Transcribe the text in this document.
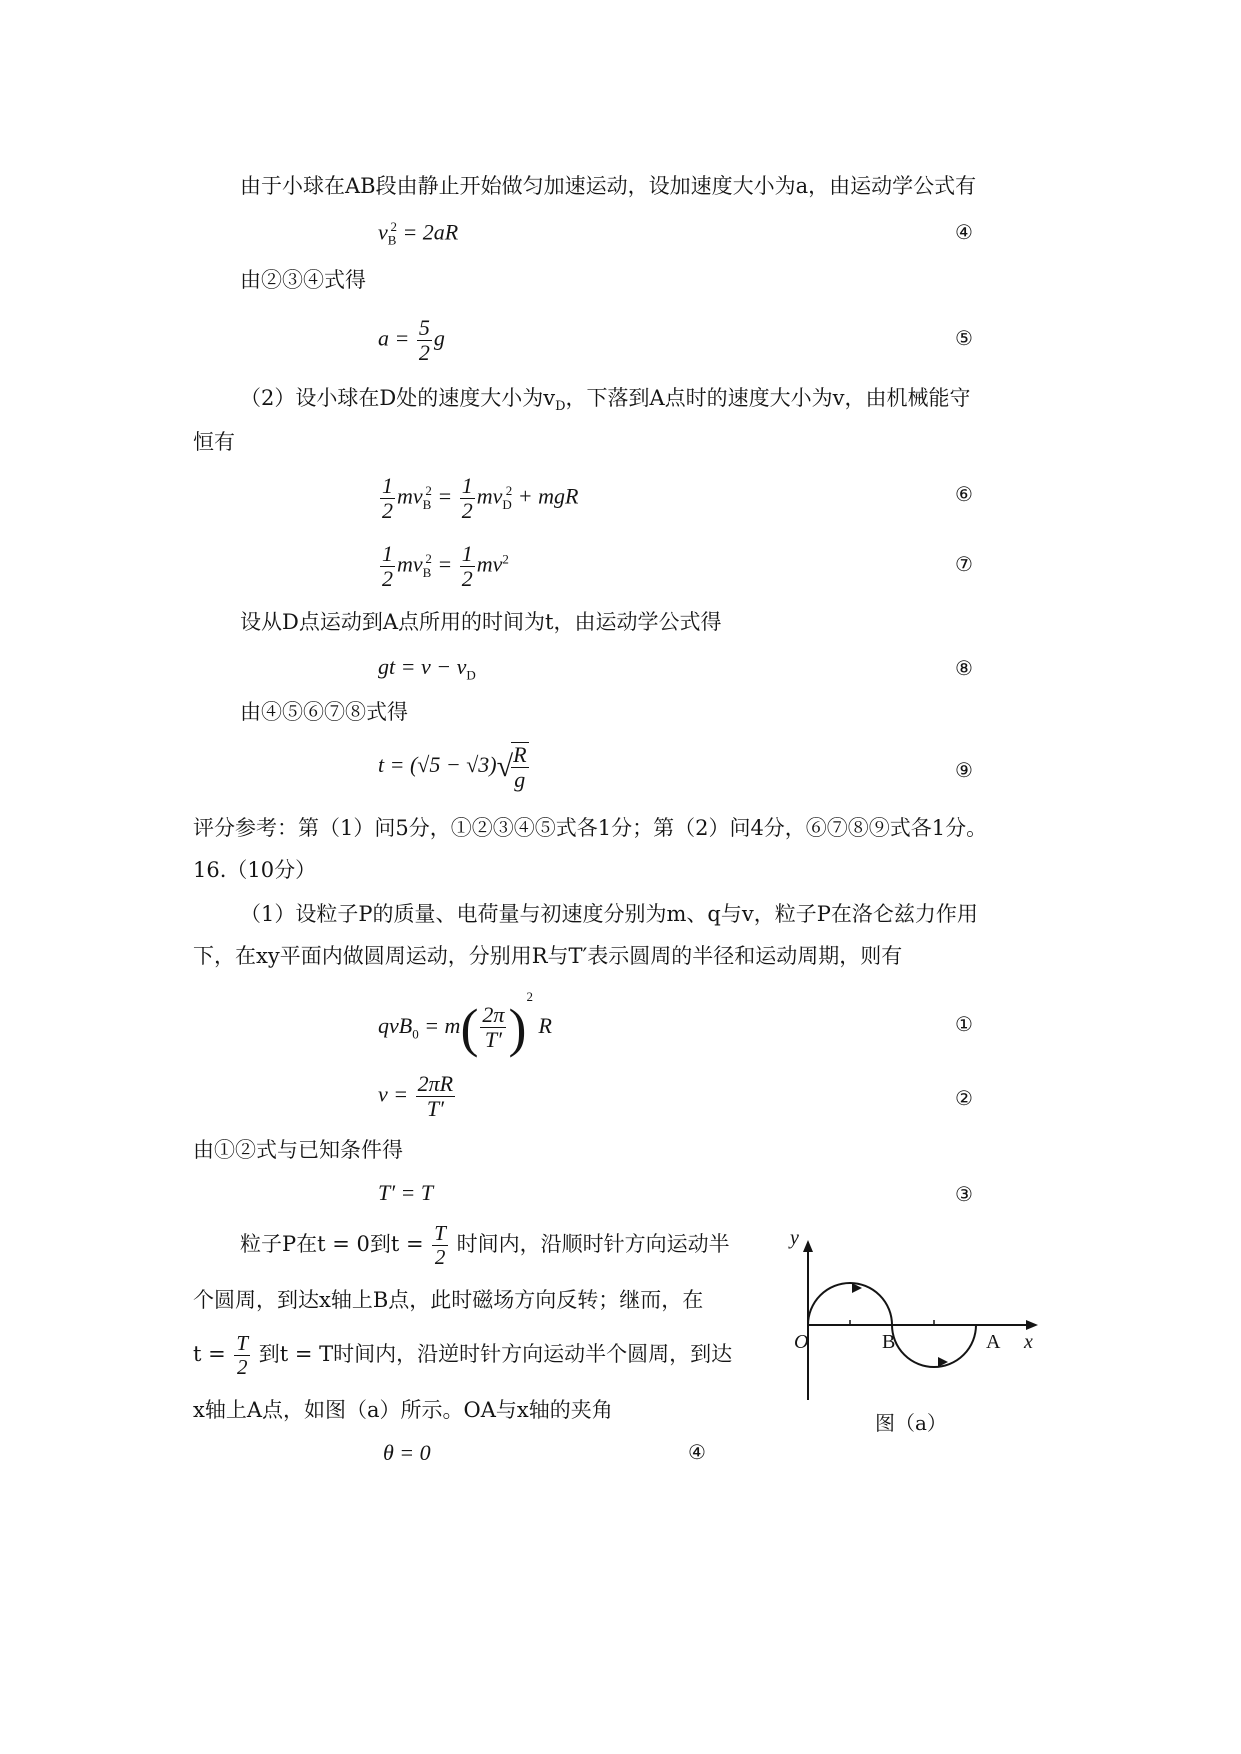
由于小球在AB段由静止开始做匀加速运动，设加速度大小为a，由运动学公式有
$v_B^2 = 2aR$	④
由②③④式得
$a = \frac{5}{2}$ g	⑤
（2）设小球在D处的速度大小为$v_D$，下落到A点时的速度大小为v，由机械能守
恒有
$\frac{1}{2} mv_B^2 = \frac{1}{2} mv_D^2$ + mgR	⑥
$\frac{1}{2} mv_B^2 = \frac{1}{2} mv^2$	⑦
设从D点运动到A点所用的时间为t，由运动学公式得
gt = $v - v_D$	⑧
由④⑤⑥⑦⑧式得
t = (√5 − √3)√
$\frac{R}{g}$	⑨
评分参考：第（1）问5分，①②③④⑤式各1分；第（2）问4分，⑥⑦⑧⑨式各1分。
16.（10分）
（1）设粒子P的质量、电荷量与初速度分别为m、q与v，粒子P在洛仑兹力作用
下，在xy平面内做圆周运动，分别用R与T′表示圆周的半径和运动周期，则有
$qvB_0 = m( \frac{2\pi}{T'} )^2$ R	①
$v = \frac{2\pi R}{T'}$	②
由①②式与已知条件得
T′ = T	③
粒子P在t = 0到$t = \frac{T}{2}$ 时间内，沿顺时针方向运动半
个圆周，到达x轴上B点，此时磁场方向反转；继而，在
$t = \frac{T}{2}$ 到t = T时间内，沿逆时针方向运动半个圆周，到达
x轴上A点，如图（a）所示。OA与x轴的夹角
θ = 0	④
y
x
O	B	A
图（a）
